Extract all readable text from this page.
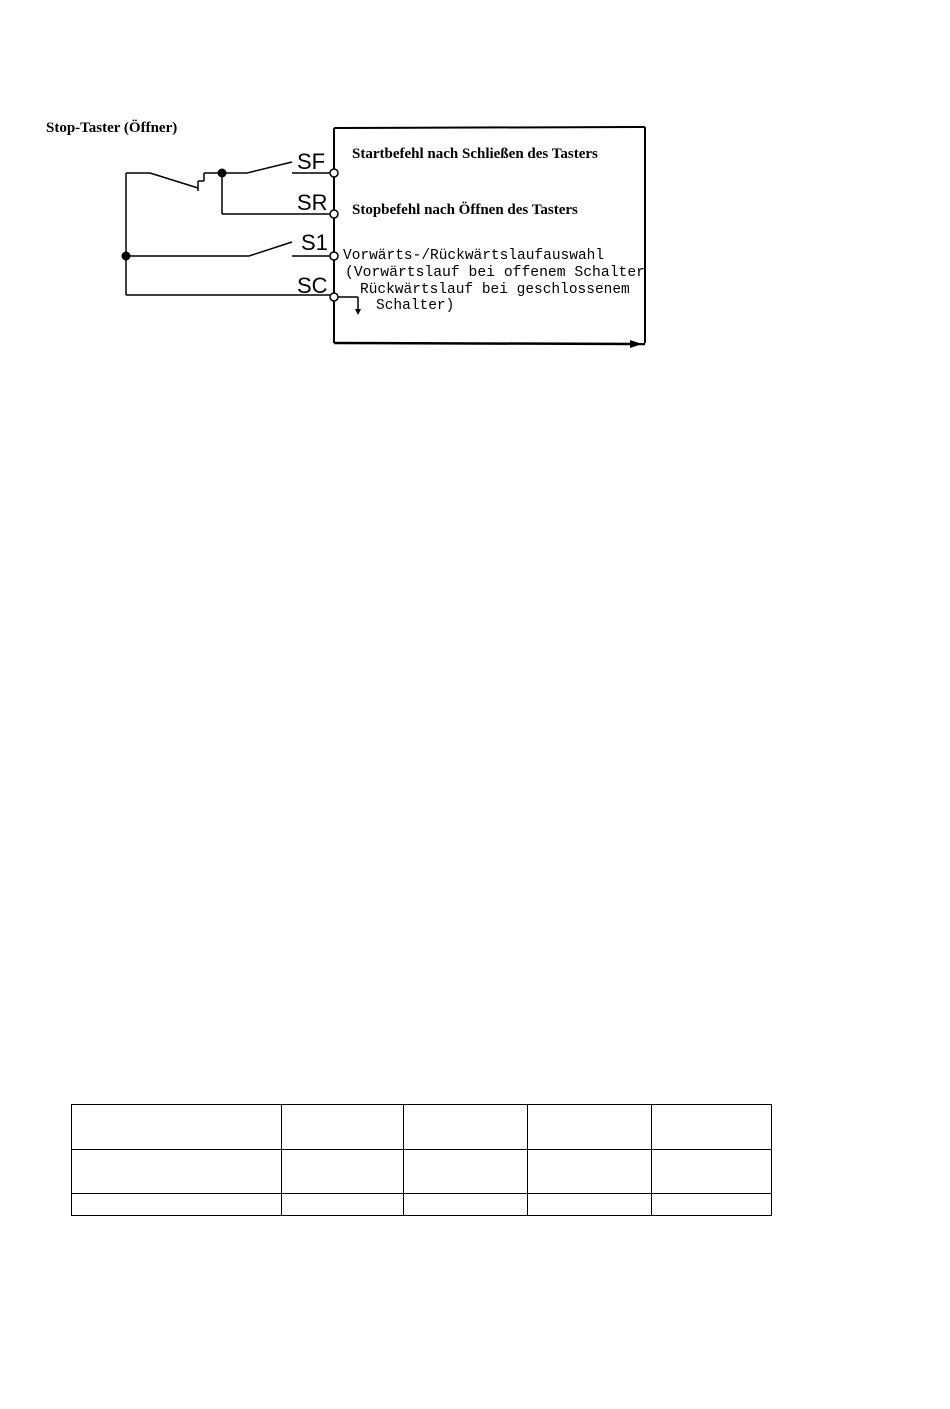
Stop-Taster (Öffner)
SF
SR
S1
SC
Startbefehl nach Schließen des Tasters
Stopbefehl nach Öffnen des Tasters
Vorwärts-/Rückwärtslaufauswahl
(Vorwärtslauf bei offenem Schalter
Rückwärtslauf bei geschlossenem
Schalter)
